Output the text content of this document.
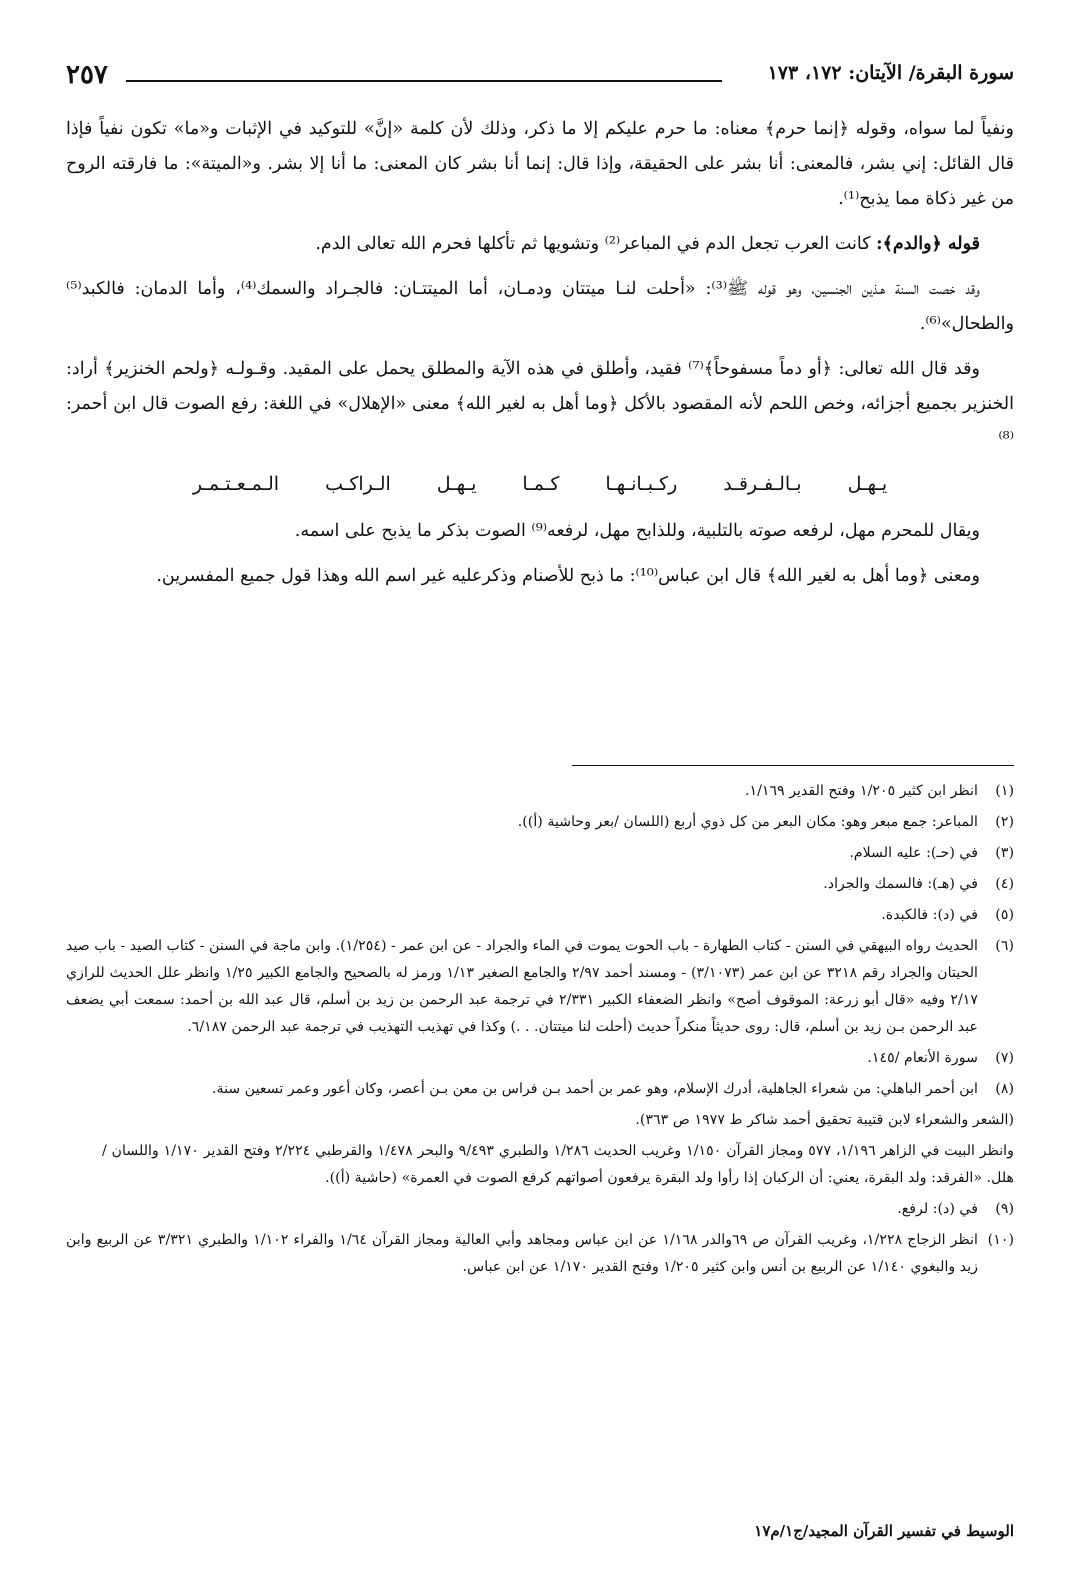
٢٥٧	سورة البقرة/ الآيتان: ١٧٢، ١٧٣

ونفياً لما سواه، وقوله ﴿إنما حرم﴾ معناه: ما حرم عليكم إلا ما ذكر، وذلك لأن كلمة «إنَّ» للتوكيد في الإثبات و«ما» تكون نفياً فإذا قال القائل: إني بشر، فالمعنى: أنا بشر على الحقيقة، وإذا قال: إنما أنا بشر كان المعنى: ما أنا إلا بشر. و«الميتة»: ما فارقته الروح من غير ذكاة مما يذبح⁽¹⁾.

قوله ﴿والدم﴾: كانت العرب تجعل الدم في المباعر⁽²⁾ وتشويها ثم تأكلها فحرم الله تعالى الدم.

وقد خصت السنة هـذين الجنسين، وهو قوله ﷺ⁽³⁾: «أحلت لنـا ميتتان ودمـان، أما الميتتـان: فالجـراد والسمك⁽⁴⁾، وأما الدمان: فالكبد⁽⁵⁾ والطحال»⁽⁶⁾.

وقد قال الله تعالى: ﴿أو دماً مسفوحاً﴾⁽⁷⁾ فقيد، وأطلق في هذه الآية والمطلق يحمل على المقيد. وقـولـه ﴿ولحم الخنزير﴾ أراد: الخنزير بجميع أجزائه، وخص اللحم لأنه المقصود بالأكل ﴿وما أهل به لغير الله﴾ معنى «الإهلال» في اللغة: رفع الصوت قال ابن أحمر:⁽⁸⁾

يـهـل بـالـفـرقـد ركـبـانـهـا كـمـا يـهـل الـراكـب الـمـعـتـمـر

ويقال للمحرم مهل، لرفعه صوته بالتلبية، وللذابح مهل، لرفعه⁽⁹⁾ الصوت بذكر ما يذبح على اسمه.

ومعنى ﴿وما أهل به لغير الله﴾ قال ابن عباس⁽¹⁰⁾: ما ذبح للأصنام وذكرعليه غير اسم الله وهذا قول جميع المفسرين.

(١)
انظر ابن كثير ١/٢٠٥ وفتح القدير ١/١٦٩.
(٢)
المباعر: جمع مبعر وهو: مكان البعر من كل ذوي أربع (اللسان /بعر وحاشية (أ)).
(٣)
في (حـ): عليه السلام.
(٤)
في (هـ): فالسمك والجراد.
(٥)
في (د): فالكبدة.
(٦)
الحديث رواه البيهقي في السنن - كتاب الطهارة - باب الحوت يموت في الماء والجراد - عن ابن عمر - (١/٢٥٤). وابن ماجة في السنن - كتاب الصيد - باب صيد الحيتان والجراد رقم ٣٢١٨ عن ابن عمر (٣/١٠٧٣) - ومسند أحمد ٢/٩٧ والجامع الصغير ١/١٣ ورمز له بالصحيح والجامع الكبير ١/٢٥ وانظر علل الحديث للرازي ٢/١٧ وفيه «قال أبو زرعة: الموقوف أصح» وانظر الضعفاء الكبير ٢/٣٣١ في ترجمة عبد الرحمن بن زيد بن أسلم، قال عبد الله بن أحمد: سمعت أبي يضعف عبد الرحمن بـن زيد بن أسلم، قال: روى حديثاً منكراً حديث (أحلت لنا ميتتان. . .) وكذا في تهذيب التهذيب في ترجمة عبد الرحمن ٦/١٨٧.
(٧)
سورة الأنعام /١٤٥.
(٨)
ابن أحمر الباهلي: من شعراء الجاهلية، أدرك الإسلام، وهو عمر بن أحمد بـن فراس بن معن بـن أعصر، وكان أعور وعمر تسعين سنة.
(الشعر والشعراء لابن قتيبة تحقيق أحمد شاكر ط ١٩٧٧ ص ٣٦٣).
وانظر البيت في الزاهر ١/١٩٦، ٥٧٧ ومجاز القرآن ١/١٥٠ وغريب الحديث ١/٢٨٦ والطبري ٩/٤٩٣ والبحر ١/٤٧٨ والقرطبي ٢/٢٢٤ وفتح القدير ١/١٧٠ واللسان /هلل. «الفرقد: ولد البقرة، يعني: أن الركبان إذا رأوا ولد البقرة يرفعون أصواتهم كرفع الصوت في العمرة» (حاشية (أ)).
(٩)
في (د): لرفع.
(١٠)
انظر الزجاج ١/٢٢٨، وغريب القرآن ص ٦٩والدر ١/١٦٨ عن ابن عباس ومجاهد وأبي العالية ومجاز القرآن ١/٦٤ والفراء ١/١٠٢ والطبري ٣/٣٢١ عن الربيع وابن زيد والبغوي ١/١٤٠ عن الربيع بن أنس وابن كثير ١/٢٠٥ وفتح القدير ١/١٧٠ عن ابن عباس.
الوسيط في تفسير القرآن المجيد/ج١/م١٧
